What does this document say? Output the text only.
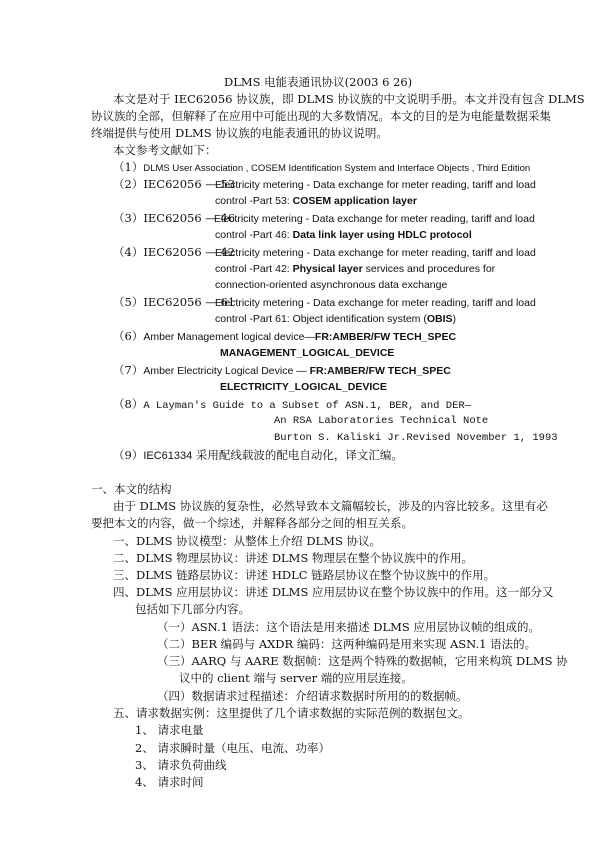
DLMS 电能表通讯协议(2003 6 26)
本文是对于 IEC62056 协议族，即 DLMS 协议族的中文说明手册。本文并没有包含 DLMS
协议族的全部，但解释了在应用中可能出现的大多数情况。本文的目的是为电能量数据采集
终端提供与使用 DLMS 协议族的电能表通讯的协议说明。
本文参考文献如下：
（1）DLMS User Association , COSEM Identification System and Interface Objects , Third Edition
（2）IEC62056 — 53
Electricity metering - Data exchange for meter reading, tariff and load
control -Part 53: COSEM application layer
（3）IEC62056 — 46
Electricity metering - Data exchange for meter reading, tariff and load
control -Part 46: Data link layer using HDLC protocol
（4）IEC62056 — 42
Electricity metering - Data exchange for meter reading, tariff and load
control -Part 42: Physical layer services and procedures for
connection-oriented asynchronous data exchange
（5）IEC62056 — 61
Electricity metering - Data exchange for meter reading, tariff and load
control -Part 61: Object identification system (OBIS)
（6）Amber Management logical device—FR:AMBER/FW TECH_SPEC
MANAGEMENT_LOGICAL_DEVICE
（7）Amber Electricity Logical Device — FR:AMBER/FW TECH_SPEC
ELECTRICITY_LOGICAL_DEVICE
（8）A Layman's Guide to a Subset of ASN.1, BER, and DER—
An RSA Laboratories Technical Note
Burton S. Kaliski Jr.Revised November 1, 1993
（9）IEC61334 采用配线载波的配电自动化，译文汇编。
一、本文的结构
由于 DLMS 协议族的复杂性，必然导致本文篇幅较长，涉及的内容比较多。这里有必
要把本文的内容，做一个综述，并解释各部分之间的相互关系。
一、DLMS 协议模型：从整体上介绍 DLMS 协议。
二、DLMS 物理层协议：讲述 DLMS 物理层在整个协议族中的作用。
三、DLMS 链路层协议：讲述 HDLC 链路层协议在整个协议族中的作用。
四、DLMS 应用层协议：讲述 DLMS 应用层协议在整个协议族中的作用。这一部分又
包括如下几部分内容。
（一）ASN.1 语法：这个语法是用来描述 DLMS 应用层协议帧的组成的。
（二）BER 编码与 AXDR 编码：这两种编码是用来实现 ASN.1 语法的。
（三）AARQ 与 AARE 数据帧：这是两个特殊的数据帧，它用来构筑 DLMS 协
议中的 client 端与 server 端的应用层连接。
（四）数据请求过程描述：介绍请求数据时所用的的数据帧。
五、请求数据实例：这里提供了几个请求数据的实际范例的数据包文。
1、 请求电量
2、 请求瞬时量（电压、电流、功率）
3、 请求负荷曲线
4、 请求时间
